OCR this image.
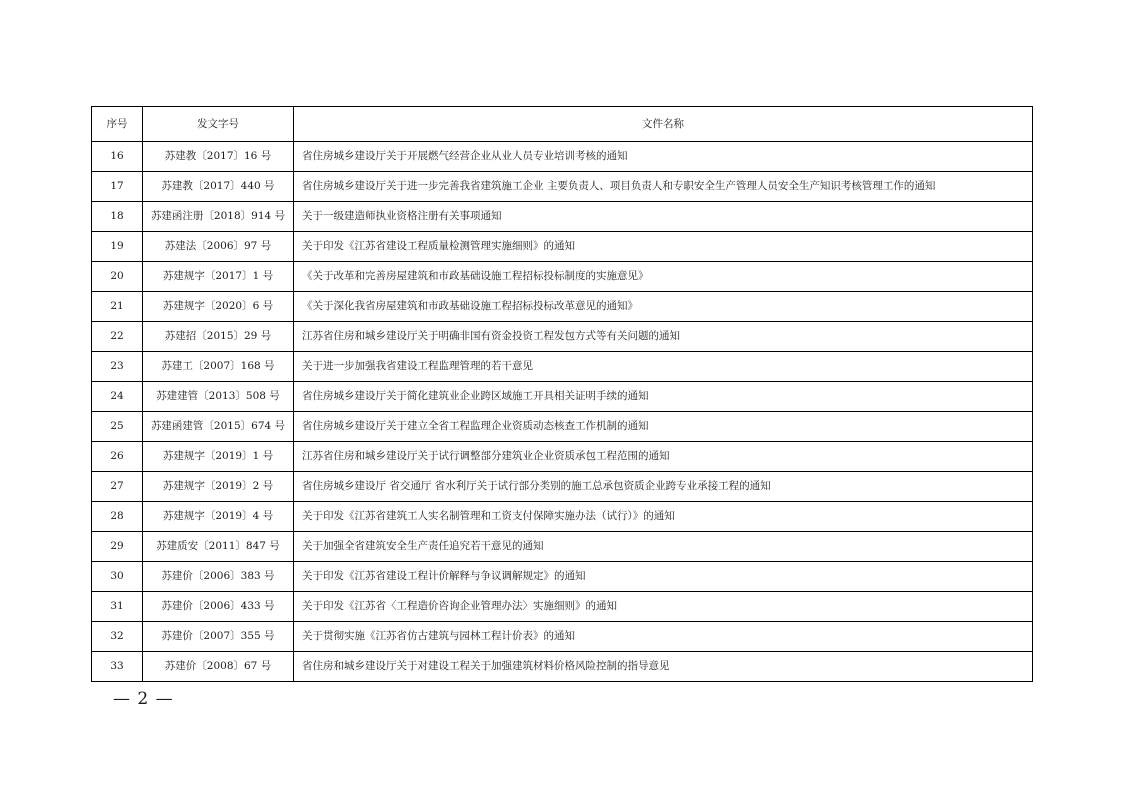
序号	发文字号	文件名称
16	苏建教〔2017〕16 号	省住房城乡建设厅关于开展燃气经营企业从业人员专业培训考核的通知
17	苏建教〔2017〕440 号	省住房城乡建设厅关于进一步完善我省建筑施工企业 主要负责人、项目负责人和专职安全生产管理人员安全生产知识考核管理工作的通知
18	苏建函注册〔2018〕914 号	关于一级建造师执业资格注册有关事项通知
19	苏建法〔2006〕97 号	关于印发《江苏省建设工程质量检测管理实施细则》的通知
20	苏建规字〔2017〕1 号	《关于改革和完善房屋建筑和市政基础设施工程招标投标制度的实施意见》
21	苏建规字〔2020〕6 号	《关于深化我省房屋建筑和市政基础设施工程招标投标改革意见的通知》
22	苏建招〔2015〕29 号	江苏省住房和城乡建设厅关于明确非国有资金投资工程发包方式等有关问题的通知
23	苏建工〔2007〕168 号	关于进一步加强我省建设工程监理管理的若干意见
24	苏建建管〔2013〕508 号	省住房城乡建设厅关于简化建筑业企业跨区域施工开具相关证明手续的通知
25	苏建函建管〔2015〕674 号	省住房城乡建设厅关于建立全省工程监理企业资质动态核查工作机制的通知
26	苏建规字〔2019〕1 号	江苏省住房和城乡建设厅关于试行调整部分建筑业企业资质承包工程范围的通知
27	苏建规字〔2019〕2 号	省住房城乡建设厅 省交通厅 省水利厅关于试行部分类别的施工总承包资质企业跨专业承接工程的通知
28	苏建规字〔2019〕4 号	关于印发《江苏省建筑工人实名制管理和工资支付保障实施办法（试行）》的通知
29	苏建质安〔2011〕847 号	关于加强全省建筑安全生产责任追究若干意见的通知
30	苏建价〔2006〕383 号	关于印发《江苏省建设工程计价解释与争议调解规定》的通知
31	苏建价〔2006〕433 号	关于印发《江苏省〈工程造价咨询企业管理办法〉实施细则》的通知
32	苏建价〔2007〕355 号	关于贯彻实施《江苏省仿古建筑与园林工程计价表》的通知
33	苏建价〔2008〕67 号	省住房和城乡建设厅关于对建设工程关于加强建筑材料价格风险控制的指导意见
— 2 —
